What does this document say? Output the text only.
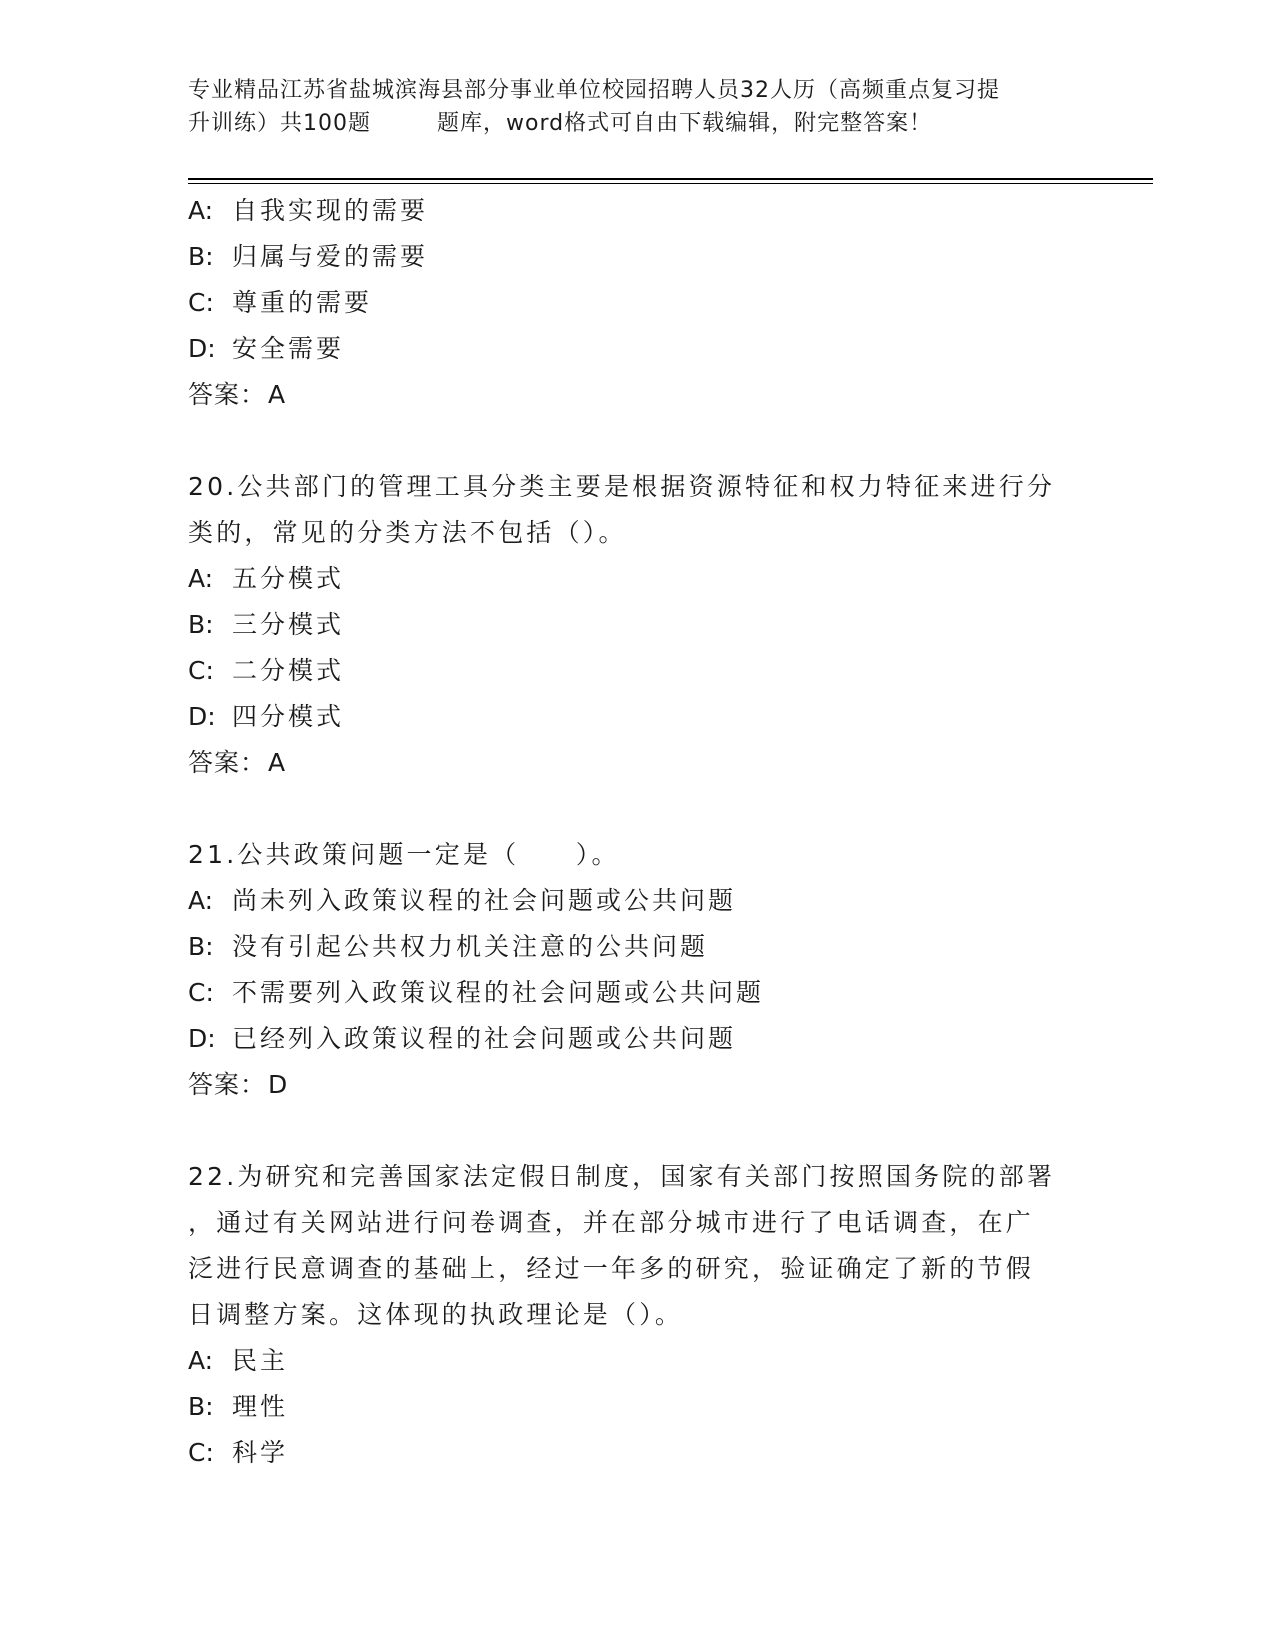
专业精品江苏省盐城滨海县部分事业单位校园招聘人员32人历（高频重点复习提
升训练）共100题	题库，word格式可自由下载编辑，附完整答案！
A: 自我实现的需要
B: 归属与爱的需要
C: 尊重的需要
D: 安全需要
答案：A
20.公共部门的管理工具分类主要是根据资源特征和权力特征来进行分
类的，常见的分类方法不包括（）。
A: 五分模式
B: 三分模式
C: 二分模式
D: 四分模式
答案：A
21.公共政策问题一定是（　　）。
A: 尚未列入政策议程的社会问题或公共问题
B: 没有引起公共权力机关注意的公共问题
C: 不需要列入政策议程的社会问题或公共问题
D: 已经列入政策议程的社会问题或公共问题
答案：D
22.为研究和完善国家法定假日制度，国家有关部门按照国务院的部署
，通过有关网站进行问卷调查，并在部分城市进行了电话调查，在广
泛进行民意调查的基础上，经过一年多的研究，验证确定了新的节假
日调整方案。这体现的执政理论是（）。
A: 民主
B: 理性
C: 科学
